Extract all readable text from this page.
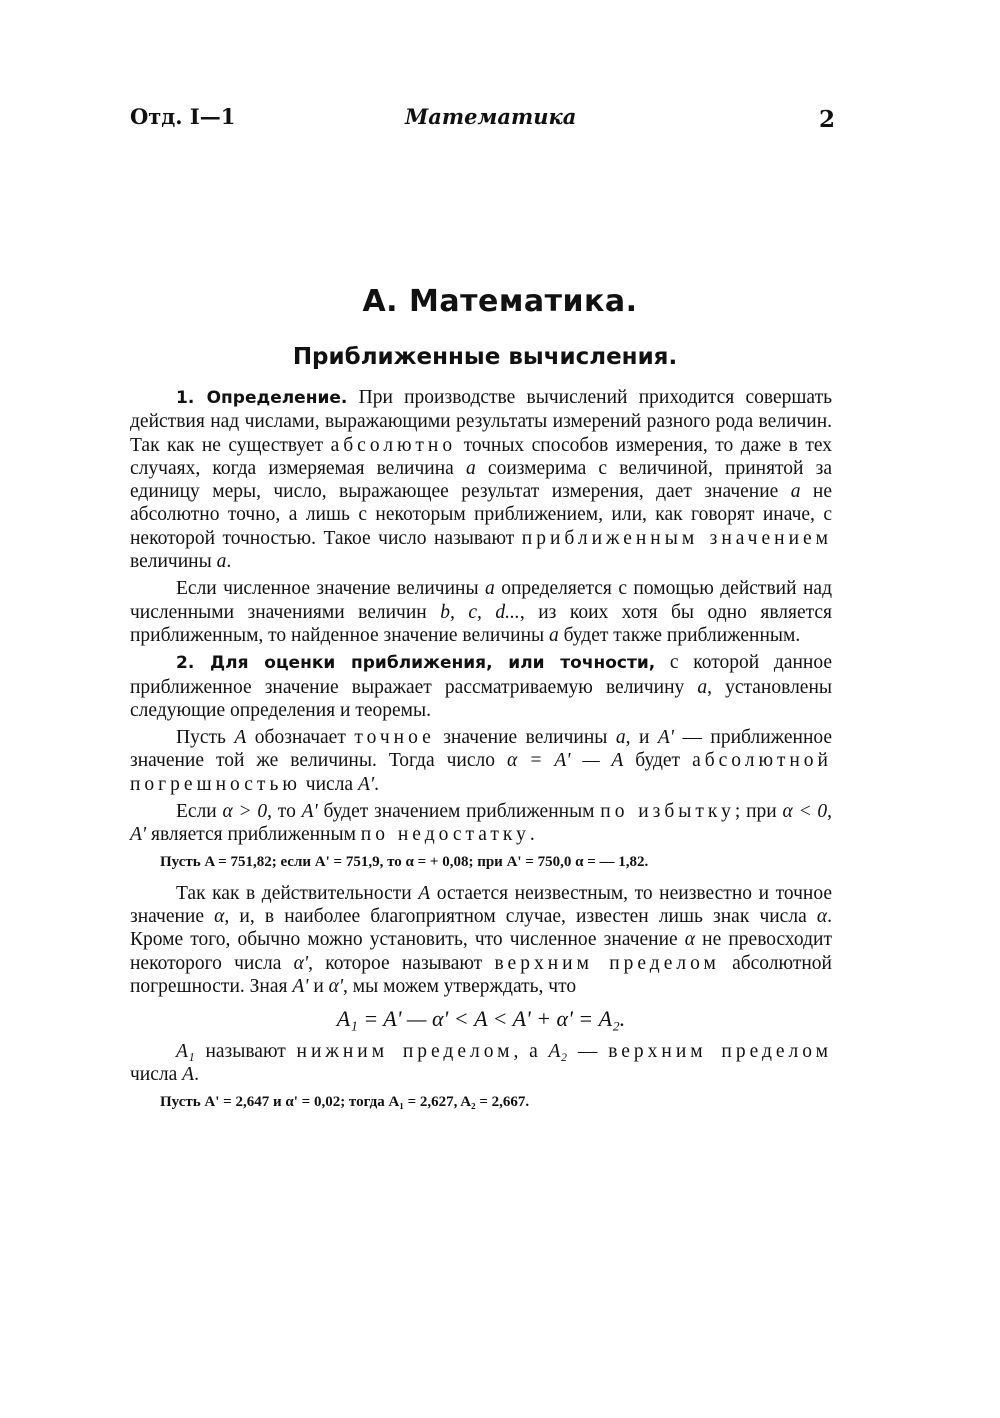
Отд. I—1	Математика	2
А. Математика.
Приближенные вычисления.

1. Определение. При производстве вычислений приходится совершать действия над числами, выражающими результаты измерений разного рода величин. Так как не существует абсолютно точных способов измерения, то даже в тех случаях, когда измеряемая величина a соизмерима с величиной, принятой за единицу меры, число, выражающее результат измерения, дает значение a не абсолютно точно, а лишь с некоторым приближением, или, как говорят иначе, с некоторой точностью. Такое число называют приближенным значением величины a.

Если численное значение величины a определяется с помощью действий над численными значениями величин b, c, d..., из коих хотя бы одно является приближенным, то найденное значение величины a будет также приближенным.

2. Для оценки приближения, или точности, с которой данное приближенное значение выражает рассматриваемую величину a, установлены следующие определения и теоремы.

Пусть A обозначает точное значение величины a, и A' — приближенное значение той же величины. Тогда число α = A' — A будет абсолютной погрешностью числа A'.

Если α > 0, то A' будет значением приближенным по избытку; при α < 0, A' является приближенным по недостатку.

Пусть A = 751,82; если A' = 751,9, то α = + 0,08; при A' = 750,0 α = — 1,82.

Так как в действительности A остается неизвестным, то неизвестно и точное значение α, и, в наиболее благоприятном случае, известен лишь знак числа α. Кроме того, обычно можно установить, что численное значение α не превосходит некоторого числа α', которое называют верхним пределом абсолютной погрешности. Зная A' и α', мы можем утверждать, что

A₁ = A' — α' < A < A' + α' = A₂.

A₁ называют нижним пределом, а A₂ — верхним пределом числа A.

Пусть A' = 2,647 и α' = 0,02; тогда A₁ = 2,627, A₂ = 2,667.
